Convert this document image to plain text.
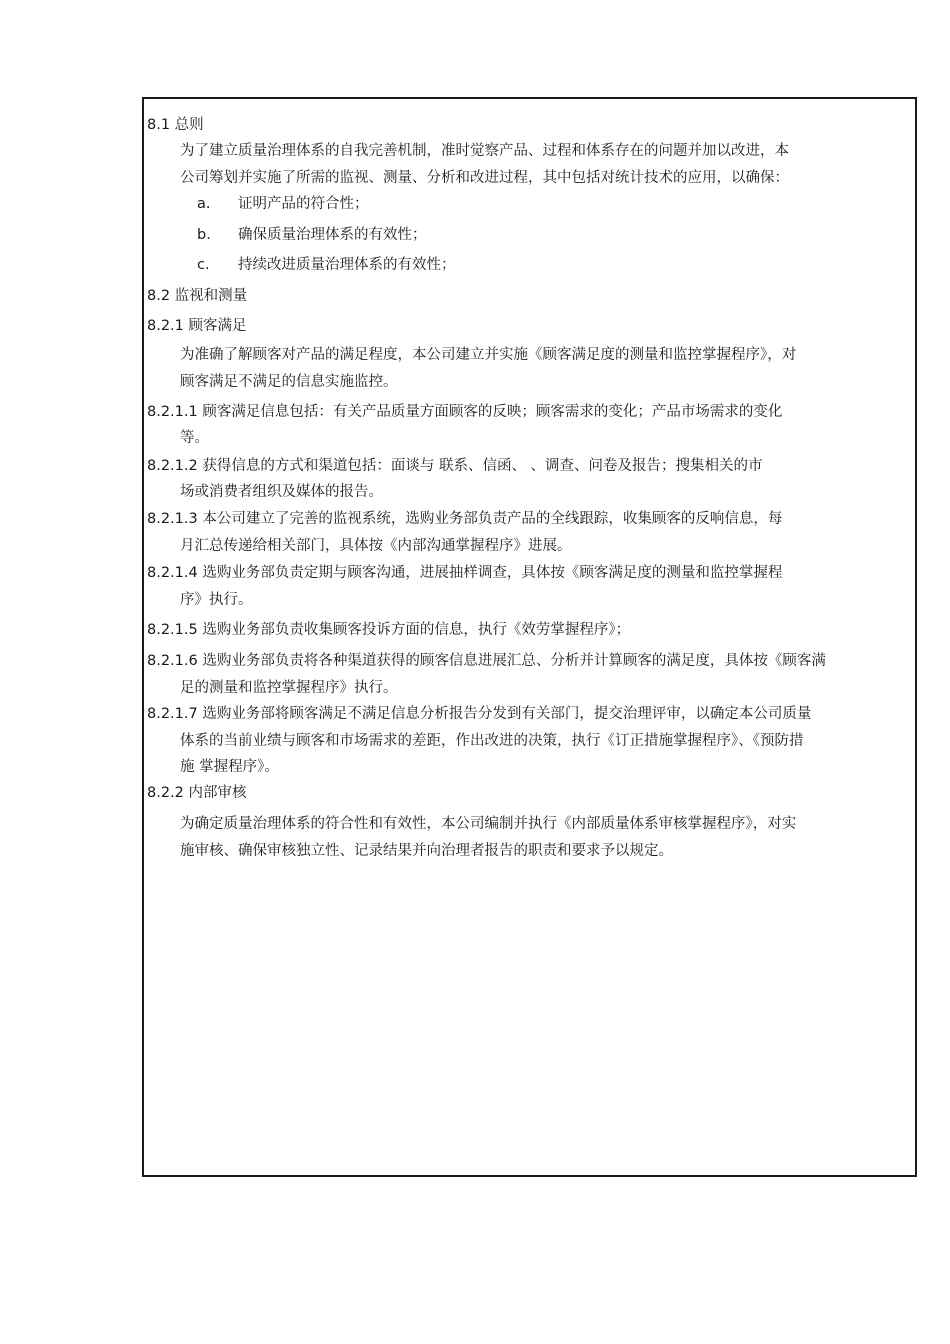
8.1 总则

为了建立质量治理体系的自我完善机制，准时觉察产品、过程和体系存在的问题并加以改进，本

公司筹划并实施了所需的监视、测量、分析和改进过程，其中包括对统计技术的应用，以确保：

a. 证明产品的符合性；

b. 确保质量治理体系的有效性；

c. 持续改进质量治理体系的有效性；

8.2 监视和测量

8.2.1 顾客满足

为准确了解顾客对产品的满足程度，本公司建立并实施《顾客满足度的测量和监控掌握程序》，对

顾客满足不满足的信息实施监控。

8.2.1.1 顾客满足信息包括：有关产品质量方面顾客的反映；顾客需求的变化；产品市场需求的变化

等。

8.2.1.2 获得信息的方式和渠道包括：面谈与 联系、信函、 、调查、问卷及报告；搜集相关的市

场或消费者组织及媒体的报告。

8.2.1.3 本公司建立了完善的监视系统，选购业务部负责产品的全线跟踪，收集顾客的反响信息，每

月汇总传递给相关部门，具体按《内部沟通掌握程序》进展。

8.2.1.4 选购业务部负责定期与顾客沟通，进展抽样调查，具体按《顾客满足度的测量和监控掌握程

序》执行。

8.2.1.5 选购业务部负责收集顾客投诉方面的信息，执行《效劳掌握程序》；

8.2.1.6 选购业务部负责将各种渠道获得的顾客信息进展汇总、分析并计算顾客的满足度，具体按《顾客满

足的测量和监控掌握程序》执行。

8.2.1.7 选购业务部将顾客满足不满足信息分析报告分发到有关部门，提交治理评审，以确定本公司质量

体系的当前业绩与顾客和市场需求的差距，作出改进的决策，执行《订正措施掌握程序》、《预防措

施 掌握程序》。

8.2.2 内部审核

为确定质量治理体系的符合性和有效性，本公司编制并执行《内部质量体系审核掌握程序》，对实

施审核、确保审核独立性、记录结果并向治理者报告的职责和要求予以规定。
